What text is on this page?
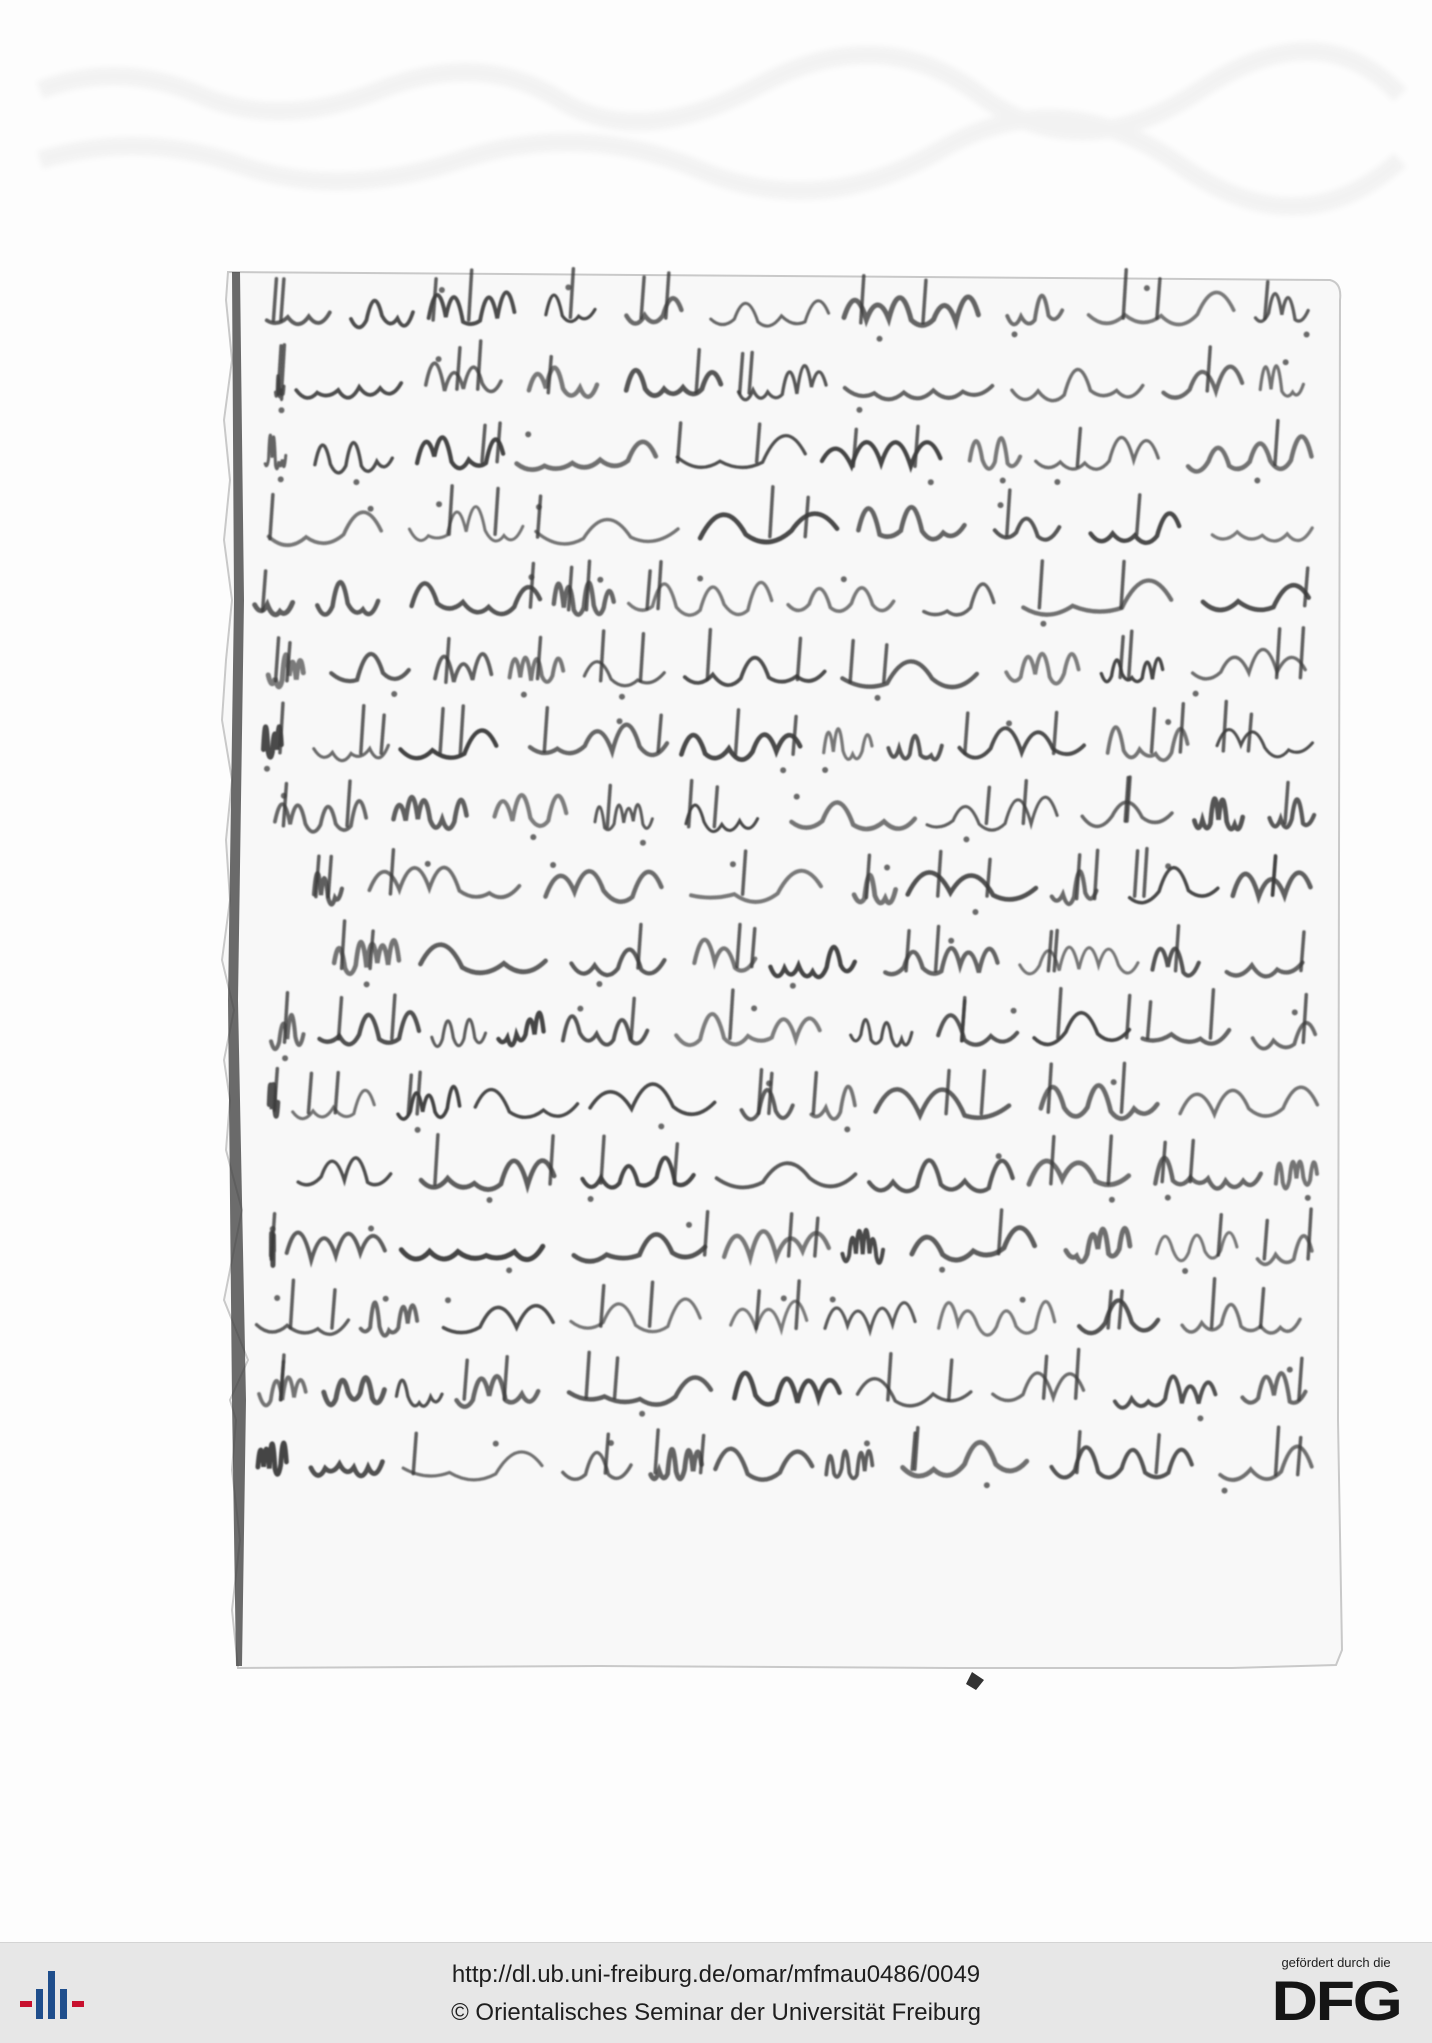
http://dl.ub.uni-freiburg.de/omar/mfmau0486/0049
© Orientalisches Seminar der Universität Freiburg
gefördert durch die
DFG
